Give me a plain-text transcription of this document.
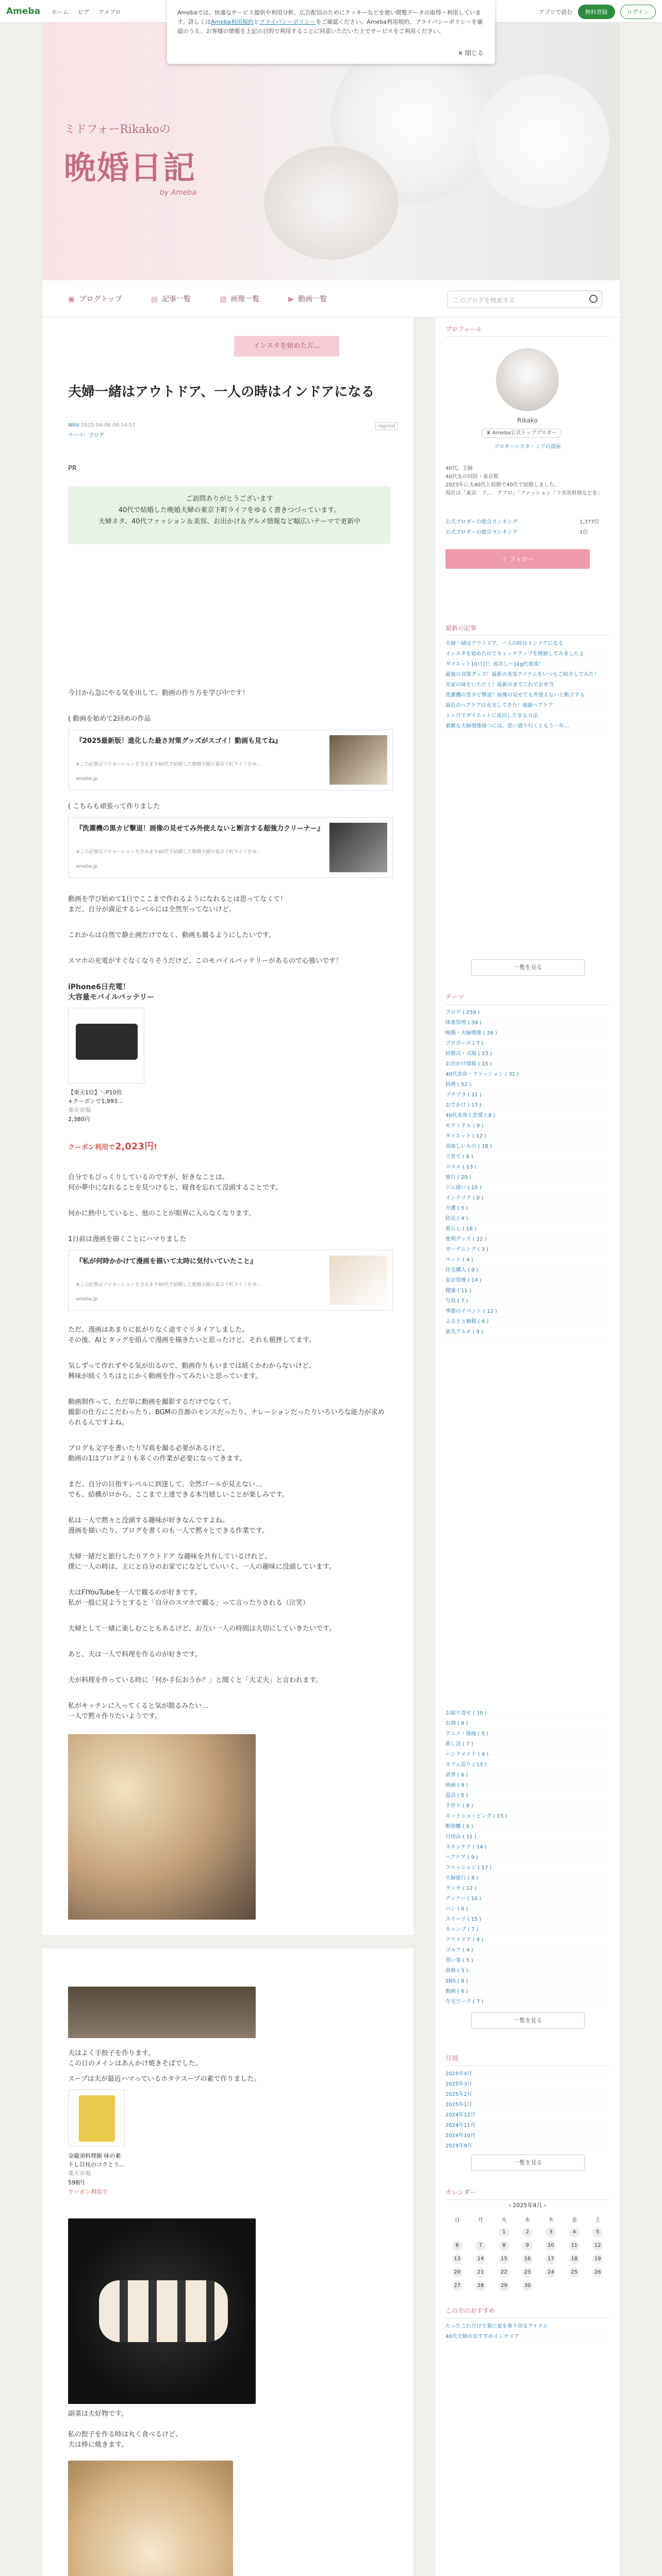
Ameba ホーム ピグ アメブロ	アプリで読む	無料登録	ログイン
Amebaでは、快適なサービス提供や利用分析、広告配信のためにクッキーなどを使い閲覧データの取得・利用しています。詳しくはAmeba利用規約とプライバシーポリシーをご確認ください。Ameba利用規約、プライバシーポリシーを確認のうえ、お客様の情報を上記の目的で利用することに同意いただいた上でサービスをご利用ください。
✕ 閉じる
ミドフォーRikakoの
晩婚日記
by Ameba
▣ ブログトップ	▤ 記事一覧	▨ 画像一覧	▶ 動画一覧	このブログを検索する
インスタを始めた方...
夫婦一緒はアウトドア、一人の時はインドアになる
Wild 2025-04-06 08:14:57
テーマ：ブログ
reprint
PR
ご訪問ありがとうございます
40代で結婚した晩婚夫婦の東京下町ライフをゆるく書きつづっています。
夫婦ネタ、40代ファッション＆美容、お出かけ＆グルメ情報など幅広いテーマで更新中
今日から急にやる気を出して、動画の作り方を学び中です！
( 動画を始めて2回めの作品
『2025最新版！進化した最さ対策グッズがスゴイ！動画も見てね』
※この記事はプロモーションを含みます40代で結婚した晩婚夫婦の東京下町ライフをゆ…
ameba.jp
( こちらも頑張って作りました
『洗濯機の黒カビ撃退！画像の見せてみ外使えないと断言する超強力クリーナー』
※この記事はプロモーションを含みます40代で結婚した晩婚夫婦の東京下町ライフをゆ…
ameba.jp
動画を学び始めて1日でここまで作れるようになれるとは思ってなくて！
まだ、自分が満足するレベルには全然至ってないけど。
これからは自然で静止画だけでなく、動画も撮るようにしたいです。
スマホの充電がすぐなくなりそうだけど、このモバイルバッテリーがあるので心強いです！
iPhone6日充電！
大容量モバイルバッテリー
【楽天1位】＼P10倍
+クーポンで1,993…
楽天市場
2,380円
クーポン利用で2,023円!
自分でもびっくりしているのですが、好きなことは、
何か夢中になれることを見つけると、寝食を忘れて没頭することです。
何かに熱中していると、他のことが眼界に入らなくなります。
1日前は漫画を描くことにハマりました
『私が何時かかけて漫画を描いて太時に気付いていたこと』
※この記事はプロモーションを含みます40代で結婚した晩婚夫婦の東京下町ライフをゆ…
ameba.jp
ただ、漫画はあまりに拡がりなく途すぐリタイアしました。
その後、AIとタッグを組んで漫画を描きたいと思ったけど、それも頓挫してます。
気しずって作れずやる気が出るので、動画作りもいまでは続くかわからないけど、
興味が続くうちはとにかく動画を作ってみたいと思っています。
動画制作って、ただ単に動画を撮影するだけでなくて、
撮影の仕方にこだわったり、BGMの音源のセンスだったり、ナレーションだったりいろいろな能力が求められるんですよね。
ブログも文字を書いたり写真を撮る必要があるけど、
動画の1はブログよりも多くの作業が必要になってきます。
まだ、自分の目指すレベルに到達して、全然ゴールが見えない…
でも、結構がロから、ここまで上達できる本当嬉しいことが楽しみです。
私は一人で黙々と没頭する趣味が好きなんですよね。
漫画を描いたり、ブログを書くのも一人で黙々とできる作業です。
夫婦一緒だと旅行したりアウトドア な趣味を共有しているけれど、
僕に一人の時は、主にと自分のお家でになどしていいく、一人の趣味に没頭しています。
夫はFIYouTubeを一人で観るのが好きです。
私が一般に見ようとすると「自分のスマホで観る」って言ったりされる（泣笑）
夫婦として一緒に楽しむこともあるけど、お互い一人の時間は大切にしていきたいです。
あと、夫は一人で料理を作るのが好きです。
夫が料理を作っている時に「何か手伝おうか？」と聞くと「大丈夫」と言われます。
私がキッチンに入ってくると気が散るみたい…
一人で黙々作りたいようです。
夫はよく手餃子を作ります。
この日のメインはあんかけ焼きそばでした。
スープは夫が最近ハマっているホタテスープの素で作りました。
金龍須料理館 味の素
干し貝柱のコクとう…
楽天市場
598円
クーポン利用で
副菜は夫好物です。
私の餃子を作る時は丸く食べるけど、
夫は棒に焼きます。
プロフィール
Rikako
♛ Ameba公式トップブロガー
フロギーシスタ・ミフの部屋
40代。主婦
40代女の同居・東京都
2023年に夫40代と結婚で40代で結婚しました。
現在は「東京　フ…　アフロ」「ファッション「フ美容料理などを」　　　
公式ブロガーの総合ランキング	1,377位
公式ブロガーの総合ランキング	1位
＋ フォロー
最新の記事
夫婦一緒はアウトドア、一人の時はインドアになる
インスタを始めたのでキャッチアップを開始してみましたよ
ダイエット10日目！成功しー1kg代達成！
最強の対策グッズ！最新の美容アイテムをいつもご紹介してみた！
実家の味をいただく！最新のまでこれでお弁当
洗濯機の黒カビ撃退！画像の見せても外使えないと断言する
最近のヘアケアは充実してきた！最新ヘアケア
１ヶ月でダイエットに成功したまる方法
素敵な夫婦関係保つには。思い通り行くともう一年…
一覧を見る
テーマ
ブログ ( 259 )
体重管理 ( 39 )
晩婚・夫婦関係 ( 26 )
プロポーズ ( 7 )
結婚式・式場 ( 23 )
お出かけ情報 ( 15 )
40代美容・ファッション ( 31 )
料理 ( 52 )
プチプラ ( 11 )
おでかけ ( 17 )
40代美容と恋愛 ( 8 )
モテミドル ( 9 )
ダイエット ( 12 )
美味しいもの ( 18 )
子育て ( 6 )
コスメ ( 13 )
旅行 ( 20 )
ジム通い ( 10 )
インテリア ( 8 )
介護 ( 5 )
防災 ( 4 )
暮らし ( 16 )
便利グッズ ( 22 )
ガーデニング ( 3 )
ペット ( 4 )
住宅購入 ( 9 )
家計管理 ( 14 )
健康 ( 11 )
写真 ( 7 )
季節のイベント ( 12 )
ふるさと納税 ( 6 )
旅先グルメ ( 9 )
お取り寄せ ( 10 )
お酒 ( 8 )
アニメ・漫画 ( 5 )
推し活 ( 7 )
ハンドメイド ( 4 )
カフェ巡り ( 13 )
読書 ( 6 )
映画 ( 9 )
温活 ( 5 )
手作り ( 8 )
ネットショッピング ( 15 )
断捨離 ( 6 )
日用品 ( 11 )
スキンケア ( 14 )
ヘアケア ( 9 )
ファッション ( 17 )
夫婦旅行 ( 8 )
ランチ ( 12 )
ディナー ( 10 )
パン ( 6 )
スイーツ ( 15 )
キャンプ ( 7 )
アウトドア ( 9 )
ゴルフ ( 4 )
習い事 ( 5 )
資格 ( 3 )
SNS ( 8 )
動画 ( 6 )
在宅ワーク ( 7 )
一覧を見る
月別
2025年4月
2025年3月
2025年2月
2025年1月
2024年12月
2024年11月
2024年10月
2024年9月
一覧を見る
カレンダー
‹ 2025年4月 ›
日	月	火	水	木	金	土
		1	2	3	4	5
6	7	8	9	10	11	12
13	14	15	16	17	18	19
20	21	22	23	24	25	26
27	28	29	30			
この方のおすすめ
たったこれだけで楽に夏を乗り切るアイテム
40代夫婦のおすすめインテリア
